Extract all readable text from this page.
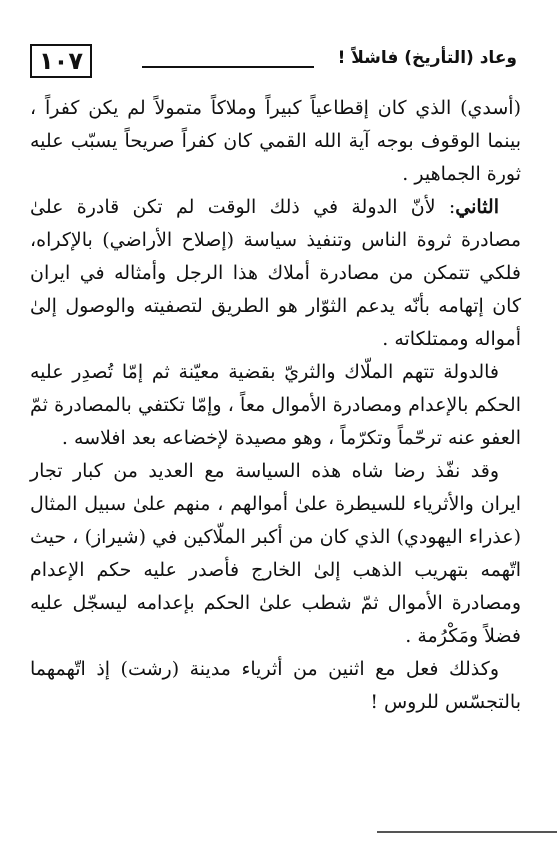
١٠٧	وعاد (التأريخ) فاشلاً !

(أسدي) الذي كان إقطاعياً كبيراً وملاكاً متمولاً لم يكن كفراً ، بينما الوقوف بوجه آية الله القمي كان كفراً صريحاً يسبّب عليه ثورة الجماهير .

الثاني: لأنّ الدولة في ذلك الوقت لم تكن قادرة علىٰ مصادرة ثروة الناس وتنفيذ سياسة (إصلاح الأراضي) بالإكراه، فلكي تتمكن من مصادرة أملاك هذا الرجل وأمثاله في ايران كان إتهامه بأنّه يدعم الثوّار هو الطريق لتصفيته والوصول إلىٰ أمواله وممتلكاته .

فالدولة تتهم الملّاك والثريّ بقضية معيّنة ثم إمّا تُصدِر عليه الحكم بالإعدام ومصادرة الأموال معاً ، وإمّا تكتفي بالمصادرة ثمّ العفو عنه ترحّماً وتكرّماً ، وهو مصيدة لإخضاعه بعد افلاسه .

وقد نفّذ رضا شاه هذه السياسة مع العديد من كبار تجار ايران والأثرياء للسيطرة علىٰ أموالهم ، منهم علىٰ سبيل المثال (عذراء اليهودي) الذي كان من أكبر الملّاكين في (شيراز) ، حيث اتّهمه بتهريب الذهب إلىٰ الخارج فأصدر عليه حكم الإعدام ومصادرة الأموال ثمّ شطب علىٰ الحكم بإعدامه ليسجّل عليه فضلاً ومَكْرُمة .

وكذلك فعل مع اثنين من أثرياء مدينة (رشت) إذ اتّهمهما بالتجسّس للروس !
